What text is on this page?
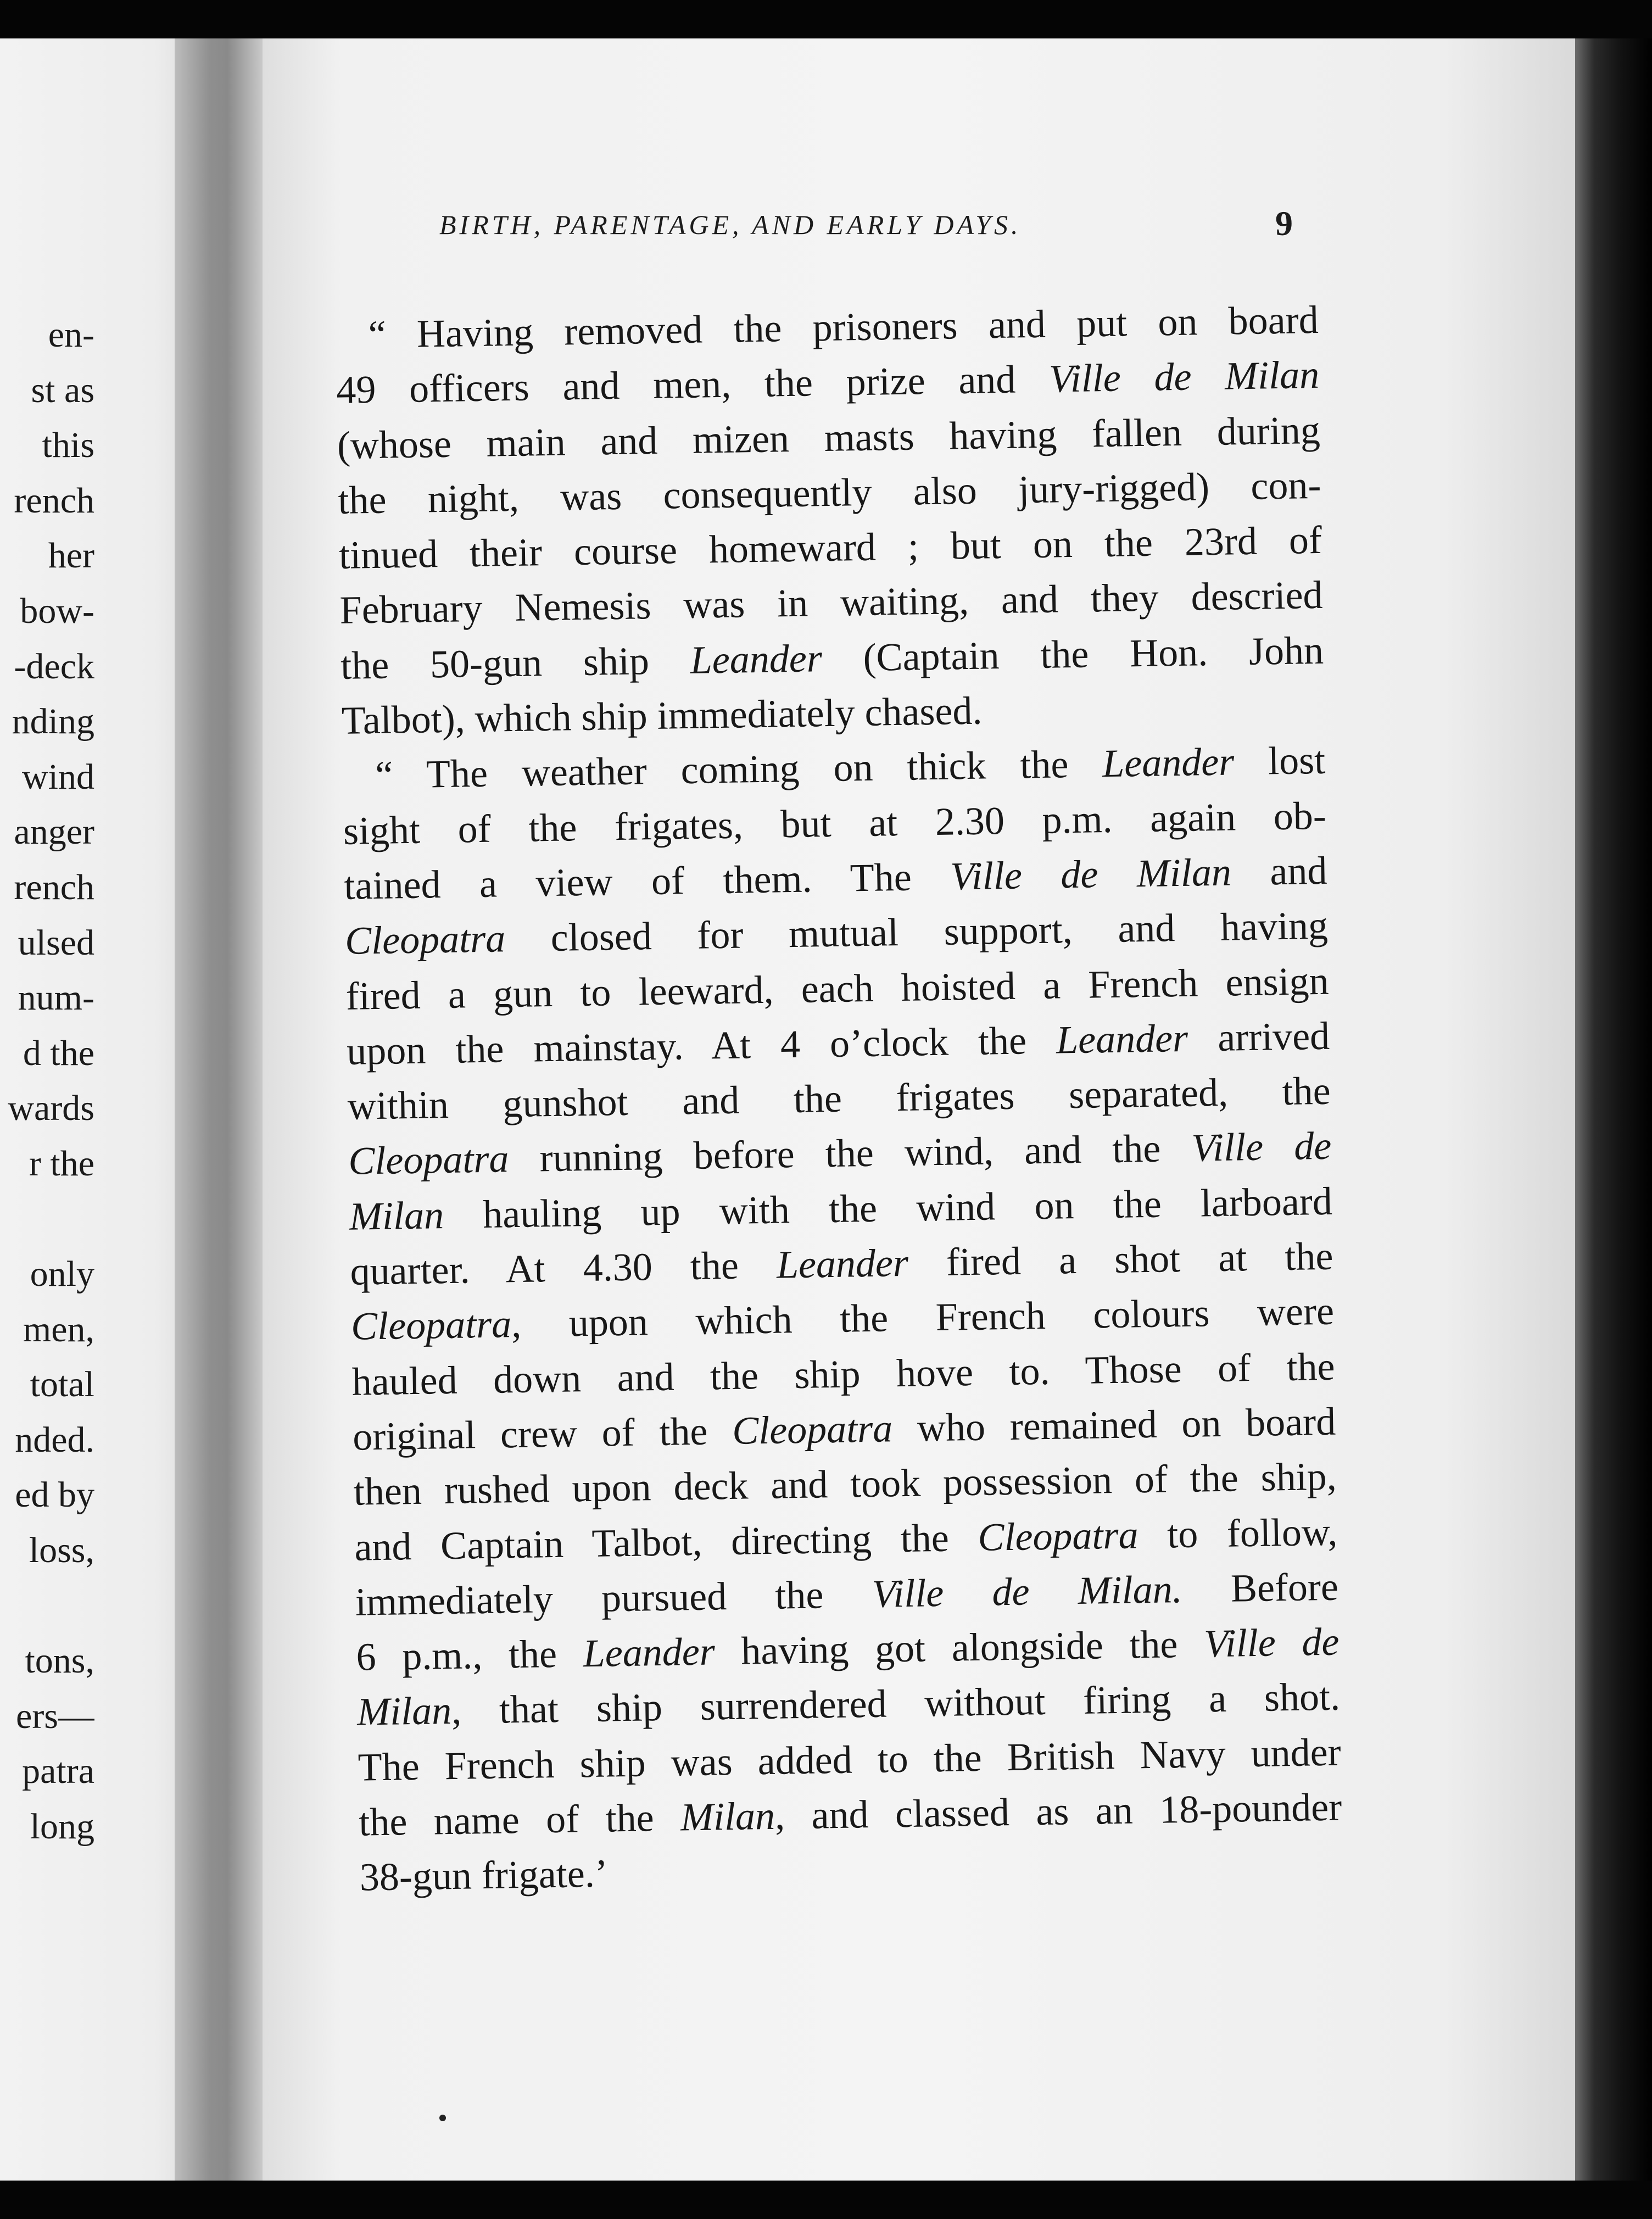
en-
st as
this
rench
her
bow-
-deck
nding
wind
anger
rench
ulsed
num-
d the
wards
r the
only
men,
total
nded.
ed by
loss,
tons,
ers—
patra
long
BIRTH, PARENTAGE, AND EARLY DAYS.	9
“ Having removed the prisoners and put on board
49 officers and men, the prize and Ville de Milan
(whose main and mizen masts having fallen during
the night, was consequently also jury-rigged) con-
tinued their course homeward ; but on the 23rd of
February Nemesis was in waiting, and they descried
the 50-gun ship Leander (Captain the Hon. John
Talbot), which ship immediately chased.
“ The weather coming on thick the Leander lost
sight of the frigates, but at 2.30 p.m. again ob-
tained a view of them. The Ville de Milan and
Cleopatra closed for mutual support, and having
fired a gun to leeward, each hoisted a French ensign
upon the mainstay. At 4 o’clock the Leander arrived
within gunshot and the frigates separated, the
Cleopatra running before the wind, and the Ville de
Milan hauling up with the wind on the larboard
quarter. At 4.30 the Leander fired a shot at the
Cleopatra, upon which the French colours were
hauled down and the ship hove to. Those of the
original crew of the Cleopatra who remained on board
then rushed upon deck and took possession of the ship,
and Captain Talbot, directing the Cleopatra to follow,
immediately pursued the Ville de Milan. Before
6 p.m., the Leander having got alongside the Ville de
Milan, that ship surrendered without firing a shot.
The French ship was added to the British Navy under
the name of the Milan, and classed as an 18-pounder
38-gun frigate.’
